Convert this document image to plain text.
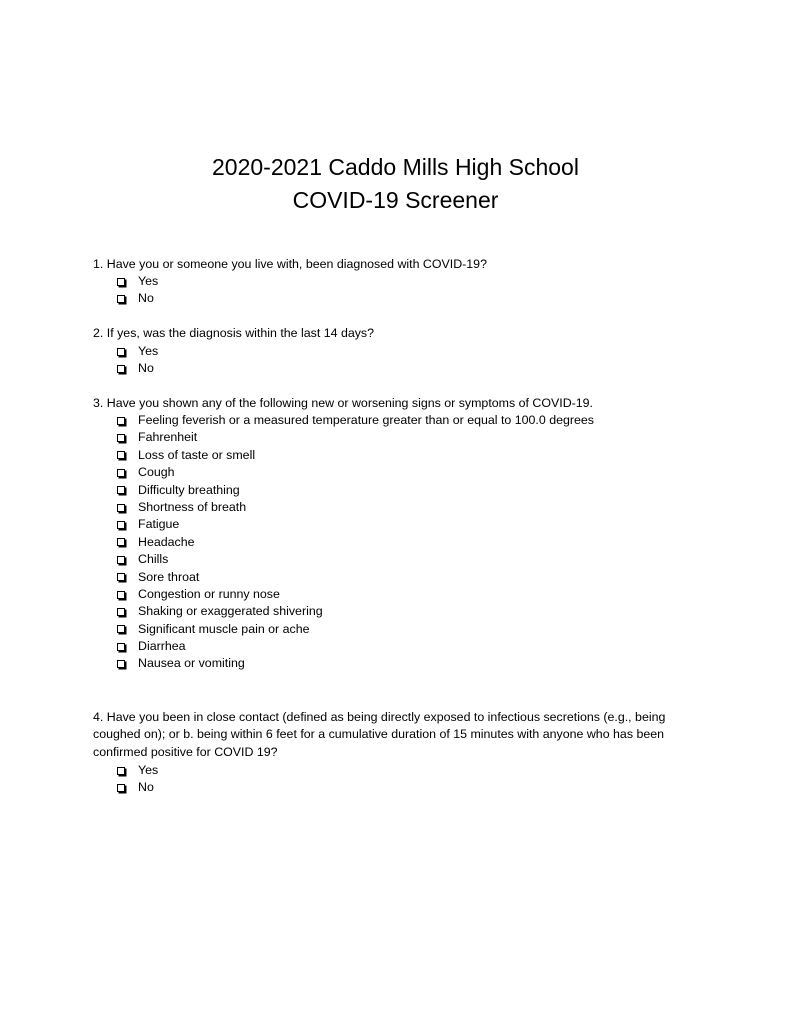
2020-2021 Caddo Mills High School
COVID-19 Screener

1. Have you or someone you live with, been diagnosed with COVID-19?

Yes
No

2. If yes, was the diagnosis within the last 14 days?

Yes
No

3. Have you shown any of the following new or worsening signs or symptoms of COVID-19.

Feeling feverish or a measured temperature greater than or equal to 100.0 degrees
Fahrenheit
Loss of taste or smell
Cough
Difficulty breathing
Shortness of breath
Fatigue
Headache
Chills
Sore throat
Congestion or runny nose
Shaking or exaggerated shivering
Significant muscle pain or ache
Diarrhea
Nausea or vomiting

4. Have you been in close contact (defined as being directly exposed to infectious secretions (e.g., being coughed on); or b. being within 6 feet for a cumulative duration of 15 minutes with anyone who has been confirmed positive for COVID 19?

Yes
No
